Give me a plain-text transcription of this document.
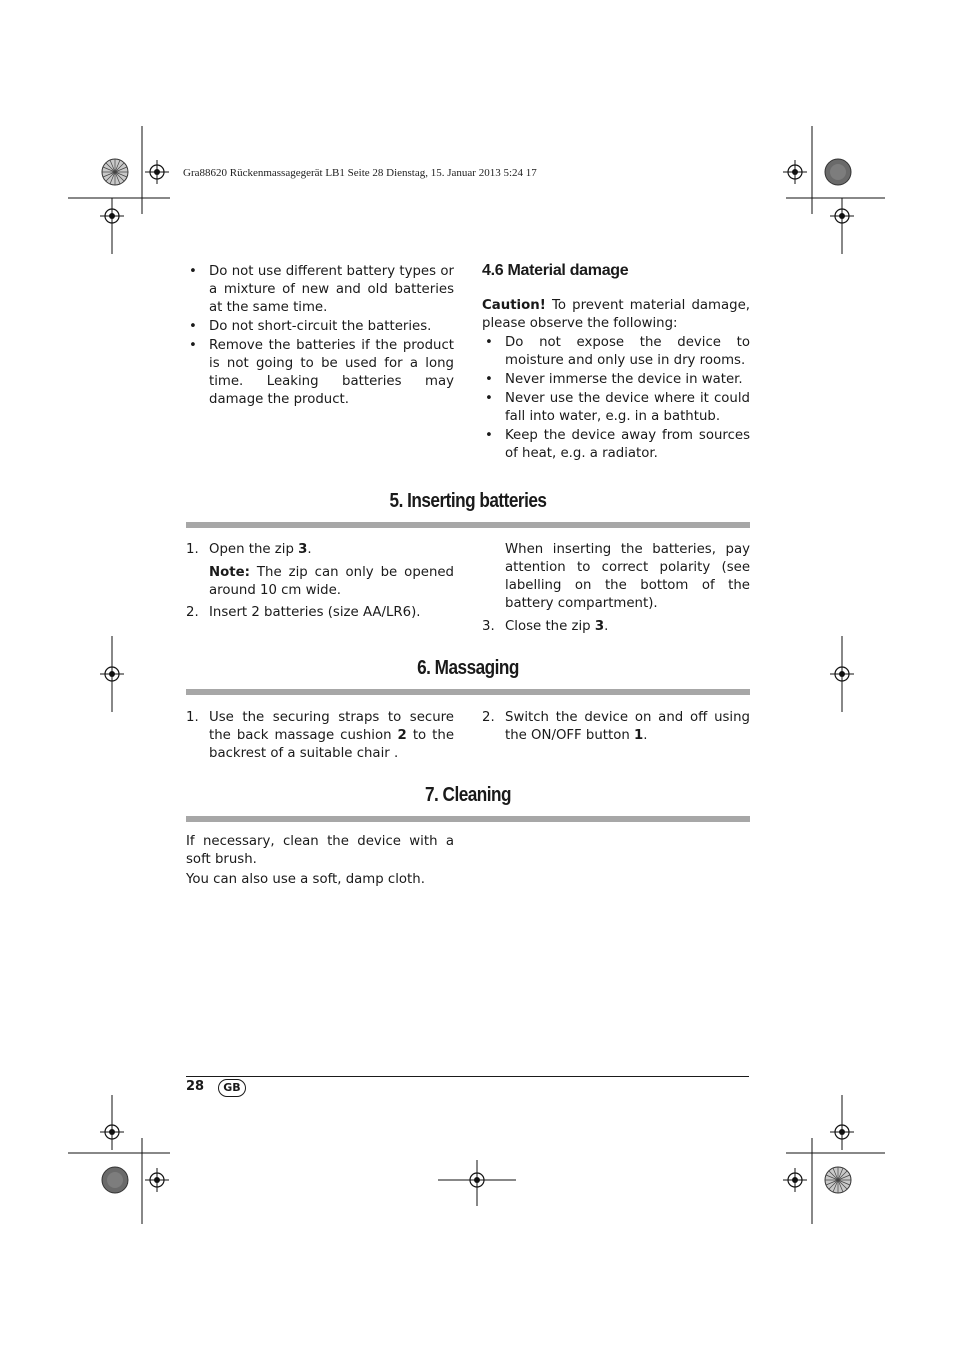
Gra88620 Rückenmassagegerät LB1 Seite 28 Dienstag, 15. Januar 2013 5:24 17
• Do not use different battery types or a mixture of new and old batteries at the same time.
• Do not short-circuit the batteries.
• Remove the batteries if the product is not going to be used for a long time. Leaking batteries may damage the product.
4.6 Material damage

Caution! To prevent material damage, please observe the following:

• Do not expose the device to moisture and only use in dry rooms.
• Never immerse the device in water.
• Never use the device where it could fall into water, e.g. in a bathtub.
• Keep the device away from sources of heat, e.g. a radiator.
5. Inserting batteries
1. Open the zip 3.

Note: The zip can only be opened around 10 cm wide.

2. Insert 2 batteries (size AA/LR6).

When inserting the batteries, pay attention to correct polarity (see labelling on the bottom of the battery compartment).

3. Close the zip 3.
6. Massaging
1. Use the securing straps to secure the back massage cushion 2 to the backrest of a suitable chair .
2. Switch the device on and off using the ON/OFF button 1.
7. Cleaning

If necessary, clean the device with a soft brush.

You can also use a soft, damp cloth.

28	GB
